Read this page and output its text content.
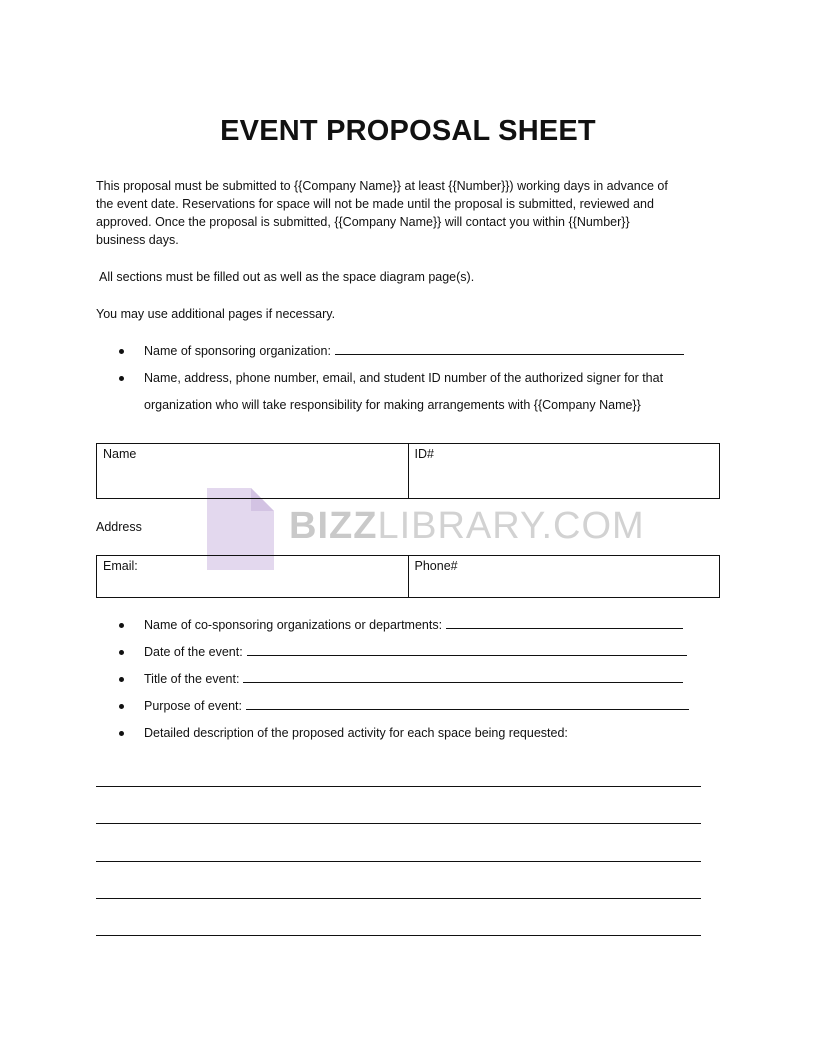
BIZZLIBRARY.COM
EVENT PROPOSAL SHEET
This proposal must be submitted to {{Company Name}} at least {{Number}}) working days in advance of
the event date. Reservations for space will not be made until the proposal is submitted, reviewed and
approved. Once the proposal is submitted, {{Company Name}} will contact you within {{Number}}
business days.
All sections must be filled out as well as the space diagram page(s).
You may use additional pages if necessary.
Name of sponsoring organization:
Name, address, phone number, email, and student ID number of the authorized signer for that
organization who will take responsibility for making arrangements with {{Company Name}}
Name	ID#
Address
Email:	Phone#
Name of co-sponsoring organizations or departments:
Date of the event:
Title of the event:
Purpose of event:
Detailed description of the proposed activity for each space being requested:
